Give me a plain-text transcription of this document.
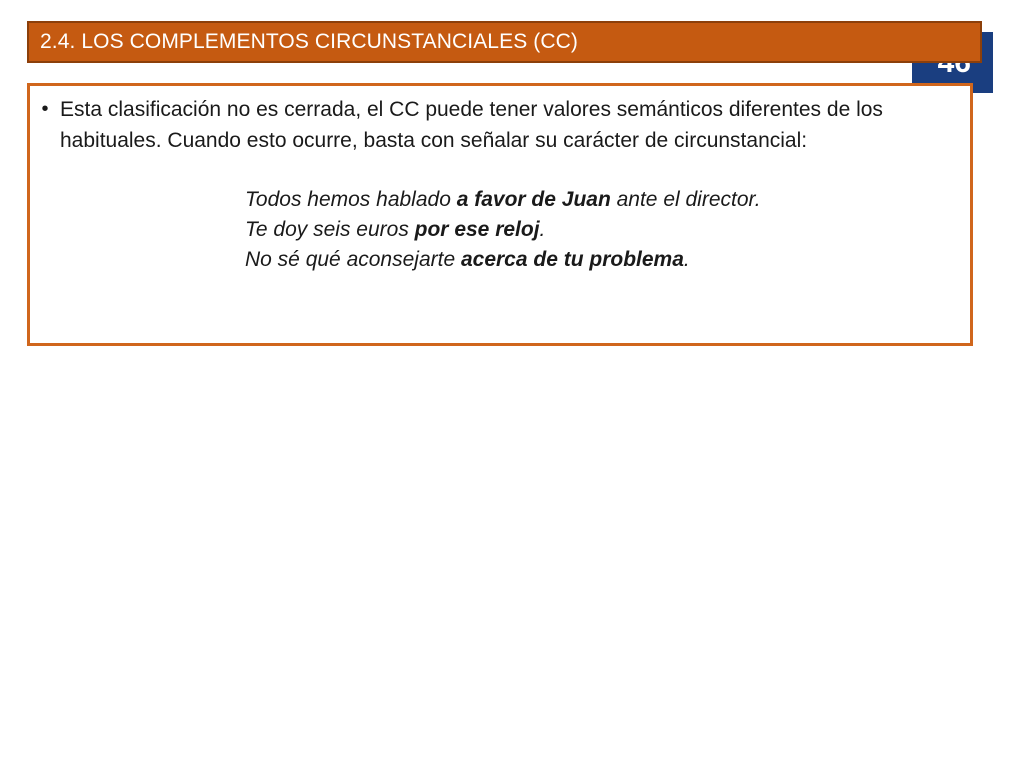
2.4. LOS COMPLEMENTOS CIRCUNSTANCIALES (CC)
• Esta clasificación no es cerrada, el CC puede tener valores semánticos diferentes de los habituales. Cuando esto ocurre, basta con señalar su carácter de circunstancial:
Todos hemos hablado a favor de Juan ante el director.
Te doy seis euros por ese reloj.
No sé qué aconsejarte acerca de tu problema.
